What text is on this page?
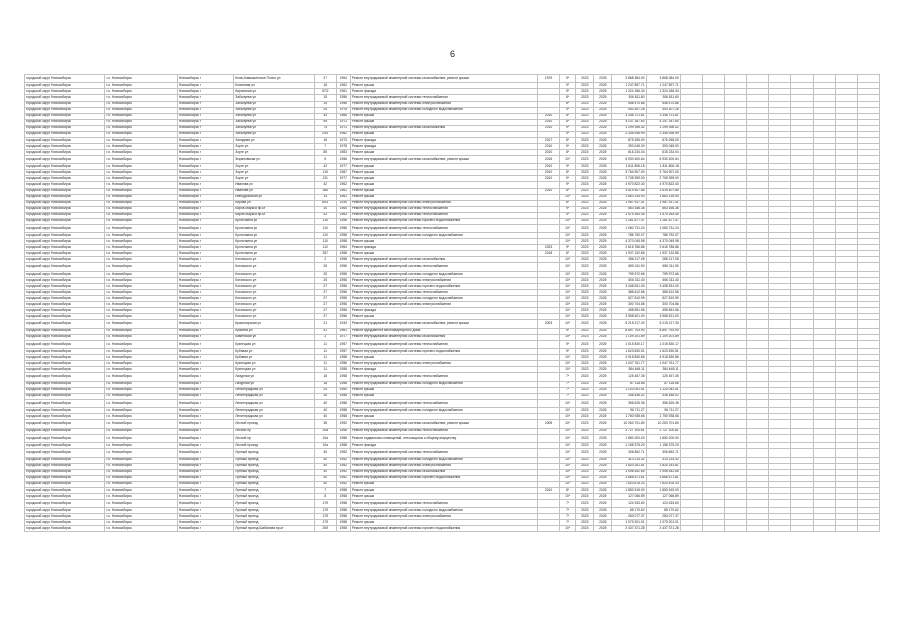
6
городской округ Новосибирск	г.о. Новосибирск	Новосибирск г	Ключ-Камышенское Плато ул	27	1964	Ремонт внутридомовой инженерной системы газоснабжения; ремонт крыши	1979	9*	2023	2025	3 868 384.00	3 868 384.00									
городской округ Новосибирск	г.о. Новосибирск	Новосибирск г	Ключевая ул	16	1962	Ремонт крыши		9*	2023	2025	1 247 897.71	1 247 897.71									
городской округ Новосибирск	г.о. Новосибирск	Новосибирск г	Кирпичная ул	57/2	1961	Ремонт фасада		9*	2023	2025	1 324 186.34	1 324 186.34									
городской округ Новосибирск	г.о. Новосибирск	Новосибирск г	Забалуева ул	15	1956	Ремонт внутридомовой инженерной системы теплоснабжения		8*	2023	2025	306 811.60	306 811.60									
городской округ Новосибирск	г.о. Новосибирск	Новосибирск г	Забалуева ул	15	1956	Ремонт внутридомовой инженерной системы электроснабжения		8*	2023	2025	546 470.86	546 470.86									
городской округ Новосибирск	г.о. Новосибирск	Новосибирск г	Забалуева ул	25	1975	Ремонт внутридомовой инженерной системы холодного водоснабжения		9*	2023	2025	493 307.26	493 307.26									
городской округ Новосибирск	г.о. Новосибирск	Новосибирск г	Забалуева ул	44	1966	Ремонт крыши	2010	8*	2023	2025	3 346 721.61	3 346 721.61									
городской округ Новосибирск	г.о. Новосибирск	Новосибирск г	Забалуева ул	59	1971	Ремонт крыши	2010	8*	2023	2025	4 147 287.60	4 147 287.60									
городской округ Новосибирск	г.о. Новосибирск	Новосибирск г	Забалуева ул	74	1971	Ремонт внутридомовой инженерной системы газоснабжения	2010	9*	2023	2025	1 299 396.42	1 299 396.42									
городской округ Новосибирск	г.о. Новосибирск	Новосибирск г	Забалуева ул	19/1	1962	Ремонт крыши		9*	2023	2025	2 345 936.99	2 345 936.99									
городской округ Новосибирск	г.о. Новосибирск	Новосибирск г	Западная ул	18	1973	Ремонт фасада	2017	8*	2023	2025	875 265.00	875 265.00									
городской округ Новосибирск	г.о. Новосибирск	Новосибирск г	Зорге ул	7	1978	Ремонт фасада	2010	9*	2023	2025	393 045.00	393 045.00									
городской округ Новосибирск	г.о. Новосибирск	Новосибирск г	Зорге ул	85	1983	Ремонт крыши	2010	8*	2023	2025	616 234.04	616 234.04									
городской округ Новосибирск	г.о. Новосибирск	Новосибирск г	Зыряновская ул	6	1956	Ремонт внутридомовой инженерной системы газоснабжения; ремонт крыши	2016	10*	2023	2025	6 930 400.64	6 930 400.64									
городской округ Новосибирск	г.о. Новосибирск	Новосибирск г	Зорге ул	42	1977	Ремонт крыши	2010	9*	2023	2025	1 811 806.18	1 811 806.18									
городской округ Новосибирск	г.о. Новосибирск	Новосибирск г	Зорге ул	115	1987	Ремонт крыши	2010	8*	2023	2025	3 764 907.00	3 764 907.00									
городской округ Новосибирск	г.о. Новосибирск	Новосибирск г	Зорге ул	211	1977	Ремонт крыши	2010	9*	2023	2025	2 708 399.00	2 708 399.00									
городской округ Новосибирск	г.о. Новосибирск	Новосибирск г	Иванова ул	42	1962	Ремонт крыши		9*	2023	2025	4 970 822.40	4 970 822.40									
городской округ Новосибирск	г.о. Новосибирск	Новосибирск г	Иванова ул	35б	1961	Ремонт крыши	2010	8*	2023	2025	3 519 407.85	3 519 407.85									
городской округ Новосибирск	г.о. Новосибирск	Новосибирск г	Ипподромская ул	14	1961	Ремонт крыши		10*	2023	2025	1 863 135.90	1 863 135.90									
городской округ Новосибирск	г.о. Новосибирск	Новосибирск г	Кирова ул	80/1	1934	Ремонт внутридомовой инженерной системы электроснабжения		6*	2023	2025	1 987 917.41	1 987 917.41									
городской округ Новосибирск	г.о. Новосибирск	Новосибирск г	Карла Маркса пр-кт	30	1960	Ремонт внутридомовой инженерной системы теплоснабжения		9*	2023	2025	563 166.36	563 166.36									
городской округ Новосибирск	г.о. Новосибирск	Новосибирск г	Карла Маркса пр-кт	43	1963	Ремонт внутридомовой инженерной системы теплоснабжения		9*	2023	2025	1 575 264.45	1 575 264.45									
городской округ Новосибирск	г.о. Новосибирск	Новосибирск г	Кропоткина ул	110	1958	Ремонт внутридомовой инженерной системы горячего водоснабжения		10*	2023	2025	1 281 877.47	1 281 877.47									
городской округ Новосибирск	г.о. Новосибирск	Новосибирск г	Кропоткина ул	110	1958	Ремонт внутридомовой инженерной системы теплоснабжения		10*	2023	2025	1 080 731.24	1 080 731.24									
городской округ Новосибирск	г.о. Новосибирск	Новосибирск г	Кропоткина ул	110	1958	Ремонт внутридомовой инженерной системы холодного водоснабжения		10*	2023	2025	786 752.07	786 752.07									
городской округ Новосибирск	г.о. Новосибирск	Новосибирск г	Кропоткина ул	110	1958	Ремонт крыши		10*	2023	2025	4 370 045.98	4 370 045.98									
городской округ Новосибирск	г.о. Новосибирск	Новосибирск г	Кропоткина ул	112	1964	Ремонт фасада	2023	9*	2023	2025	2 616 786.86	2 616 786.86									
городской округ Новосибирск	г.о. Новосибирск	Новосибирск г	Кропоткина ул	257	1958	Ремонт крыши	2018	8*	2023	2025	1 937 132.86	1 937 132.86									
городской округ Новосибирск	г.о. Новосибирск	Новосибирск г	Котовского ул	2	1958	Ремонт внутридомовой инженерной системы газоснабжения		10*	2023	2025	286 217.05	286 217.05									
городской округ Новосибирск	г.о. Новосибирск	Новосибирск г	Котовского ул	25	1956	Ремонт внутридомовой инженерной системы теплоснабжения		10*	2023	2025	655 311.90	655 311.90									
городской округ Новосибирск	г.о. Новосибирск	Новосибирск г	Котовского ул	25	1956	Ремонт внутридомовой инженерной системы холодного водоснабжения		10*	2023	2025	799 972.66	799 972.66									
городской округ Новосибирск	г.о. Новосибирск	Новосибирск г	Котовского ул	25	1956	Ремонт внутридомовой инженерной системы электроснабжения		10*	2023	2025	606 311.40	606 311.40									
городской округ Новосибирск	г.о. Новосибирск	Новосибирск г	Котовского ул	27	1956	Ремонт внутридомовой инженерной системы горячего водоснабжения		10*	2023	2025	3 408 531.00	3 408 531.00									
городской округ Новосибирск	г.о. Новосибирск	Новосибирск г	Котовского ул	27	1956	Ремонт внутридомовой инженерной системы теплоснабжения		10*	2023	2025	386 612.56	386 612.56									
городской округ Новосибирск	г.о. Новосибирск	Новосибирск г	Котовского ул	27	1956	Ремонт внутридомовой инженерной системы холодного водоснабжения		10*	2023	2025	527 810.99	527 810.99									
городской округ Новосибирск	г.о. Новосибирск	Новосибирск г	Котовского ул	27	1956	Ремонт внутридомовой инженерной системы электроснабжения		10*	2023	2025	300 704.86	300 704.86									
городской округ Новосибирск	г.о. Новосибирск	Новосибирск г	Котовского ул	27	1956	Ремонт фасада		10*	2023	2025	498 651.56	498 651.56									
городской округ Новосибирск	г.о. Новосибирск	Новосибирск г	Котовского ул	27	1956	Ремонт крыши		10*	2023	2025	3 958 521.00	3 958 521.00									
городской округ Новосибирск	г.о. Новосибирск	Новосибирск г	Красноярская ул	21	1934	Ремонт внутридомовой инженерной системы газоснабжения; ремонт крыши	2003	10*	2023	2025	5 215 217.30	5 215 217.30									
городской округ Новосибирск	г.о. Новосибирск	Новосибирск г	Красина ул	51	1961	Ремонт фундамента многоквартирного дома		9*	2023	2025	8 897 793.90	8 897 793.90									
городской округ Новосибирск	г.о. Новосибирск	Новосибирск г	Каменская ул	2	1977	Ремонт внутридомовой инженерной системы газоснабжения		10*	2023	2025	1 109 201.89	1 109 201.89									
городской округ Новосибирск	г.о. Новосибирск	Новосибирск г	Кузнецкая ул	11	1957	Ремонт внутридомовой инженерной системы теплоснабжения		9*	2023	2025	1 015 830.17	1 015 830.17									
городской округ Новосибирск	г.о. Новосибирск	Новосибирск г	Кубовая ул	11	1957	Ремонт внутридомовой инженерной системы горячего водоснабжения		9*	2023	2025	1 623 630.51	1 623 630.51									
городской округ Новосибирск	г.о. Новосибирск	Новосибирск г	Кубовая ул	11	1958	Ремонт крыши		10*	2023	2025	4 918 830.86	4 918 830.86									
городской округ Новосибирск	г.о. Новосибирск	Новосибирск г	Кузнецкая ул	11	1956	Ремонт внутридомовой инженерной системы электроснабжения		10*	2023	2025	1 047 761.77	1 047 761.77									
городской округ Новосибирск	г.о. Новосибирск	Новосибирск г	Кузнецкая ул	11	1958	Ремонт фасада		10*	2023	2025	384 645.11	384 645.11									
городской округ Новосибирск	г.о. Новосибирск	Новосибирск г	Лазурная ул	18	1958	Ремонт внутридомовой инженерной системы теплоснабжения		7*	2023	2025	125 457.35	125 457.35									
городской округ Новосибирск	г.о. Новосибирск	Новосибирск г	Лазурная ул	18	1958	Ремонт внутридомовой инженерной системы холодного водоснабжения		7*	2023	2025	87 118.68	87 118.68									
городской округ Новосибирск	г.о. Новосибирск	Новосибирск г	Ленинградская ул	24	1950	Ремонт крыши		7*	2023	2025	1 120 051.51	1 120 051.51									
городской округ Новосибирск	г.о. Новосибирск	Новосибирск г	Ленинградская ул	26	1958	Ремонт крыши		7*	2023	2025	336 446.02	336 446.02									
городской округ Новосибирск	г.о. Новосибирск	Новосибирск г	Ленинградская ул	40	1958	Ремонт внутридомовой инженерной системы теплоснабжения		10*	2023	2025	356 625.36	356 625.36									
городской округ Новосибирск	г.о. Новосибирск	Новосибирск г	Ленинградская ул	40	1958	Ремонт внутридомовой инженерной системы холодного водоснабжения		10*	2023	2025	96 711.27	96 711.27									
городской округ Новосибирск	г.о. Новосибирск	Новосибирск г	Ленинградская ул	40	1958	Ремонт крыши		10*	2023	2025	1 750 938.66	1 750 938.66									
городской округ Новосибирск	г.о. Новосибирск	Новосибирск г	Лесной проезд	38	1992	Ремонт внутридомовой инженерной системы газоснабжения; ремонт крыши	2005	10*	2023	2025	10 263 701.80	10 263 701.80									
городской округ Новосибирск	г.о. Новосибирск	Новосибирск г	Лесной пр	10а	1958	Ремонт внутридомовой инженерной системы теплоснабжения		10*	2023	2025	2 727 100.81	2 727 100.81									
городской округ Новосибирск	г.о. Новосибирск	Новосибирск г	Лесной пр	10а	1958	Ремонт подвальных помещений, относящихся к общему имуществу		10*	2023	2025	1 850 200.00	1 850 200.00									
городской округ Новосибирск	г.о. Новосибирск	Новосибирск г	Лесной проезд	10а	1958	Ремонт фасада		10*	2023	2025	1 158 375.20	1 158 375.20									
городской округ Новосибирск	г.о. Новосибирск	Новосибирск г	Лунный проезд	40	1952	Ремонт внутридомовой инженерной системы теплоснабжения		10*	2023	2025	306 862.71	306 862.71									
городской округ Новосибирск	г.о. Новосибирск	Новосибирск г	Лунный проезд	40	1952	Ремонт внутридомовой инженерной системы холодного водоснабжения		10*	2023	2025	310 214.42	310 214.42									
городской округ Новосибирск	г.о. Новосибирск	Новосибирск г	Лунный проезд	40	1952	Ремонт внутридомовой инженерной системы электроснабжения		10*	2023	2025	1 820 251.61	1 820 251.61									
городской округ Новосибирск	г.о. Новосибирск	Новосибирск г	Лунный проезд	40	1952	Ремонт внутридомовой инженерной системы газоснабжения		10*	2023	2025	1 906 542.65	1 906 542.65									
городской округ Новосибирск	г.о. Новосибирск	Новосибирск г	Лунный проезд	40	1952	Ремонт внутридомовой инженерной системы горячего водоснабжения		10*	2023	2025	3 668 571.81	3 668 571.81									
городской округ Новосибирск	г.о. Новосибирск	Новосибирск г	Лунный проезд	40	1952	Ремонт крыши		10*	2023	2025	7 620 878.33	7 620 878.33									
городской округ Новосибирск	г.о. Новосибирск	Новосибирск г	Лунный проезд	7	1958	Ремонт крыши	2010	8*	2023	2025	1 850 915.00	1 850 915.00									
городской округ Новосибирск	г.о. Новосибирск	Новосибирск г	Лунный проезд	8	1958	Ремонт крыши		10*	2023	2025	127 066.89	127 066.89									
городской округ Новосибирск	г.о. Новосибирск	Новосибирск г	Лунный проезд	17б	1958	Ремонт внутридомовой инженерной системы теплоснабжения		7*	2023	2025	124 333.60	124 333.60									
городской округ Новосибирск	г.о. Новосибирск	Новосибирск г	Лунный проезд	17б	1958	Ремонт внутридомовой инженерной системы холодного водоснабжения		7*	2023	2025	85 170.62	85 170.62									
городской округ Новосибирск	г.о. Новосибирск	Новосибирск г	Лунный проезд	17б	1958	Ремонт внутридомовой инженерной системы электроснабжения		7*	2023	2025	283 077.37	283 077.37									
городской округ Новосибирск	г.о. Новосибирск	Новосибирск г	Лунный проезд	17б	1958	Ремонт крыши		7*	2023	2025	1 079 201.01	1 079 201.01									
городской округ Новосибирск	г.о. Новосибирск	Новосибирск г	Лунный проезд Шабанова пр-кт	20б	1958	Ремонт внутридомовой инженерной системы горячего водоснабжения		10*	2023	2025	2 437 371.28	2 437 371.28									
